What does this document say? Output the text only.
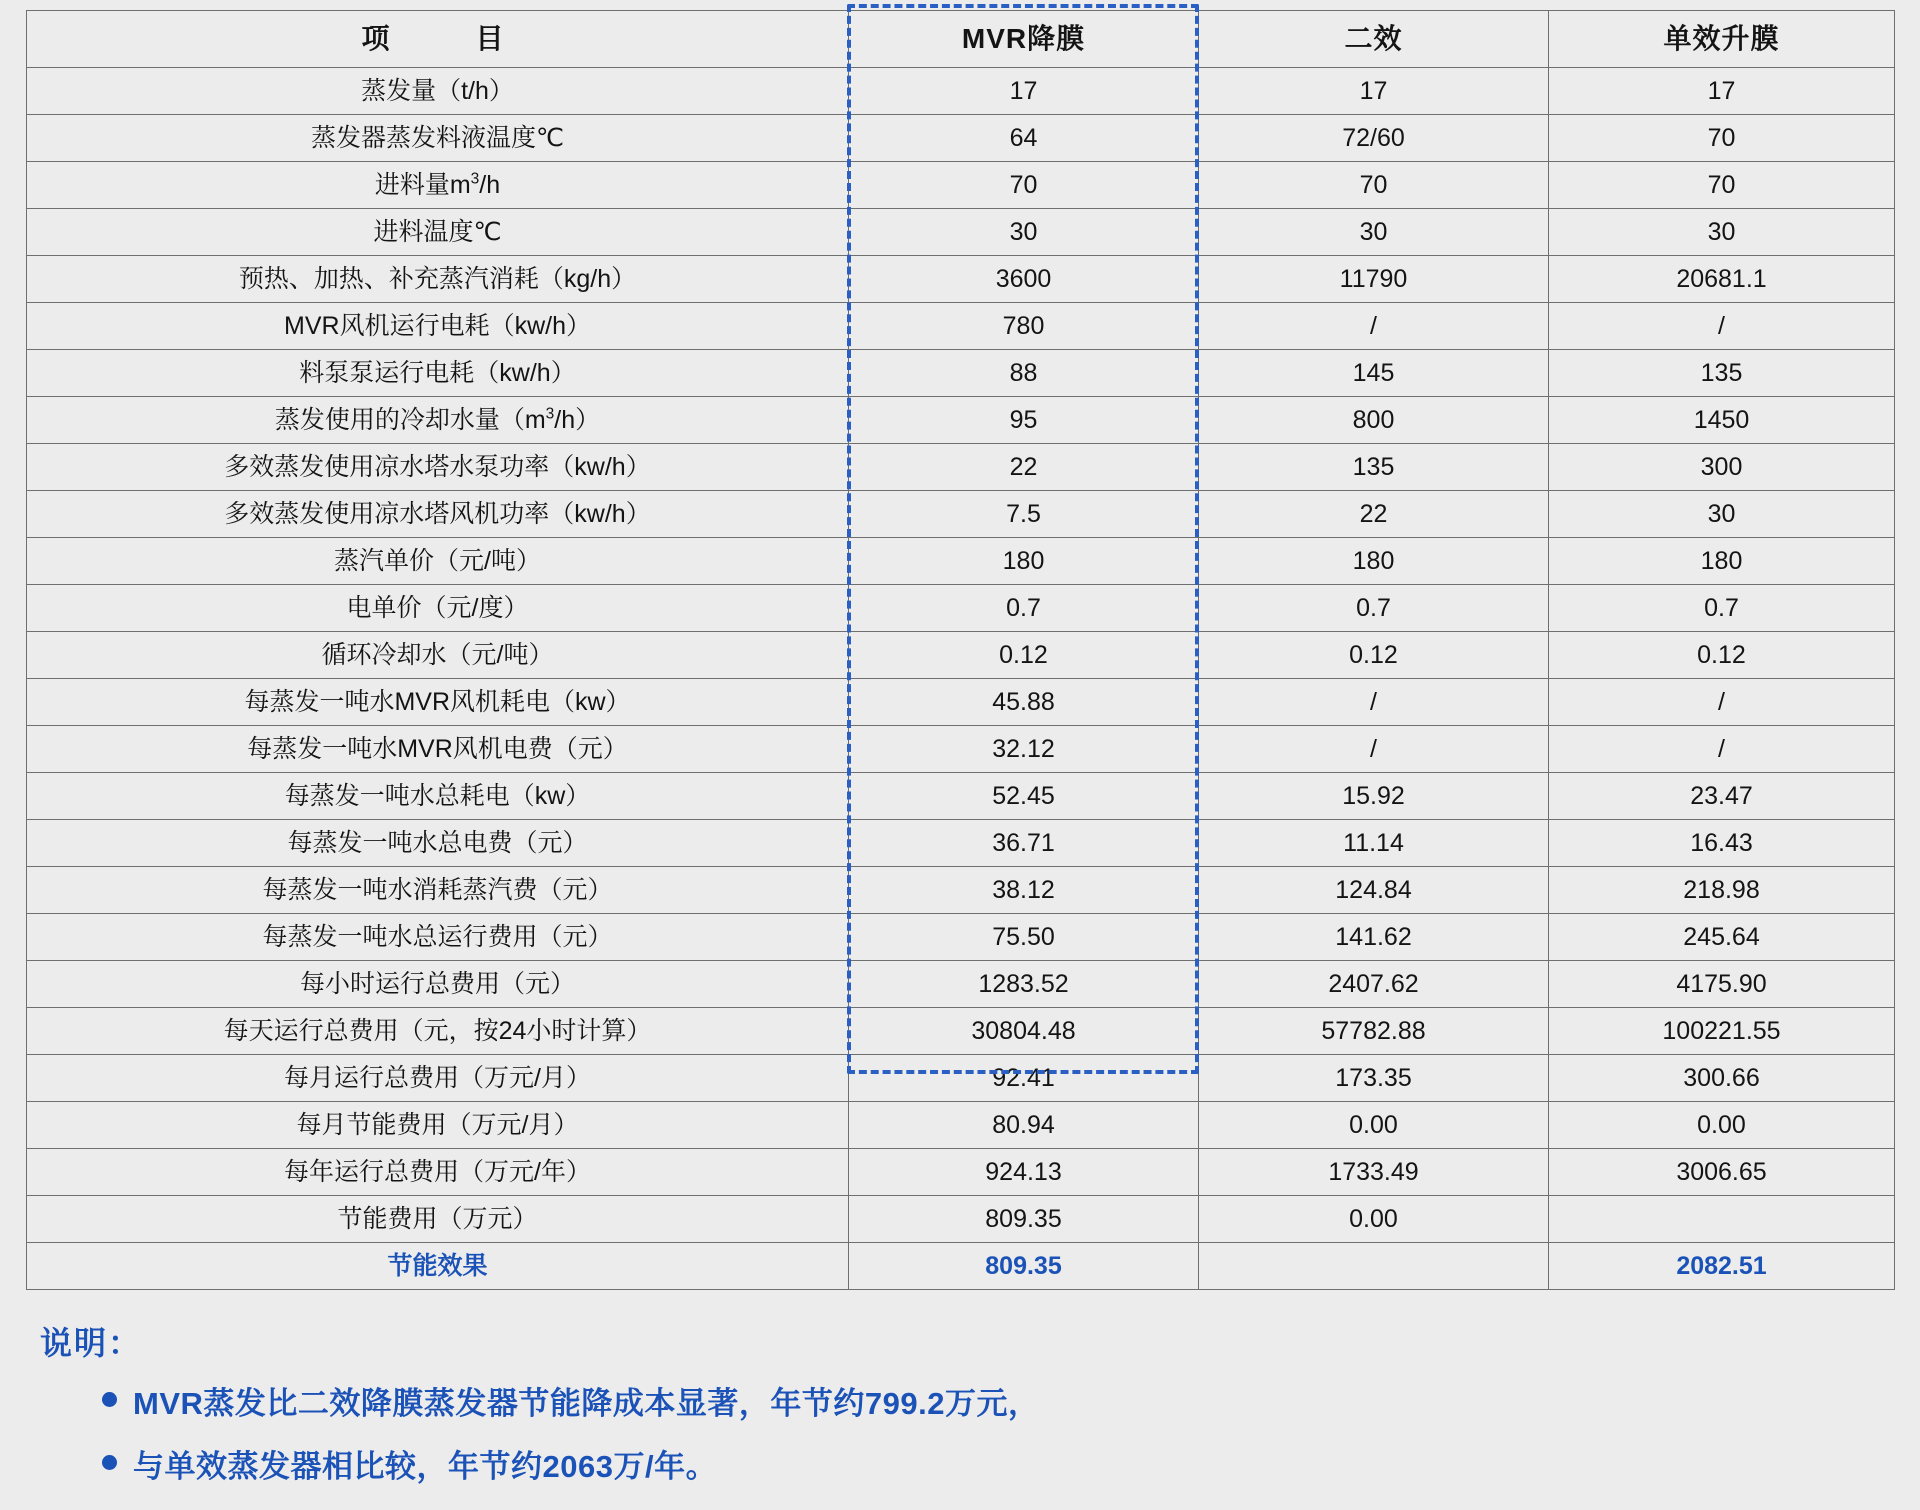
项　　目	MVR降膜	二效	单效升膜
蒸发量（t/h）	17	17	17
蒸发器蒸发料液温度℃	64	72/60	70
进料量$m^3/h$	70	70	70
进料温度℃	30	30	30
预热、加热、补充蒸汽消耗（kg/h）	3600	11790	20681.1
MVR风机运行电耗（kw/h）	780	/	/
料泵泵运行电耗（kw/h）	88	145	135
蒸发使用的冷却水量$(m^3/h)$	95	800	1450
多效蒸发使用凉水塔水泵功率（kw/h）	22	135	300
多效蒸发使用凉水塔风机功率（kw/h）	7.5	22	30
蒸汽单价（元/吨）	180	180	180
电单价（元/度）	0.7	0.7	0.7
循环冷却水（元/吨）	0.12	0.12	0.12
每蒸发一吨水MVR风机耗电（kw）	45.88	/	/
每蒸发一吨水MVR风机电费（元）	32.12	/	/
每蒸发一吨水总耗电（kw）	52.45	15.92	23.47
每蒸发一吨水总电费（元）	36.71	11.14	16.43
每蒸发一吨水消耗蒸汽费（元）	38.12	124.84	218.98
每蒸发一吨水总运行费用（元）	75.50	141.62	245.64
每小时运行总费用（元）	1283.52	2407.62	4175.90
每天运行总费用（元，按24小时计算）	30804.48	57782.88	100221.55
每月运行总费用（万元/月）	92.41	173.35	300.66
每月节能费用（万元/月）	80.94	0.00	0.00
每年运行总费用（万元/年）	924.13	1733.49	3006.65
节能费用（万元）	809.35	0.00	
节能效果	809.35		2082.51
说明：
MVR蒸发比二效降膜蒸发器节能降成本显著，年节约799.2万元，
与单效蒸发器相比较，年节约2063万/年。
